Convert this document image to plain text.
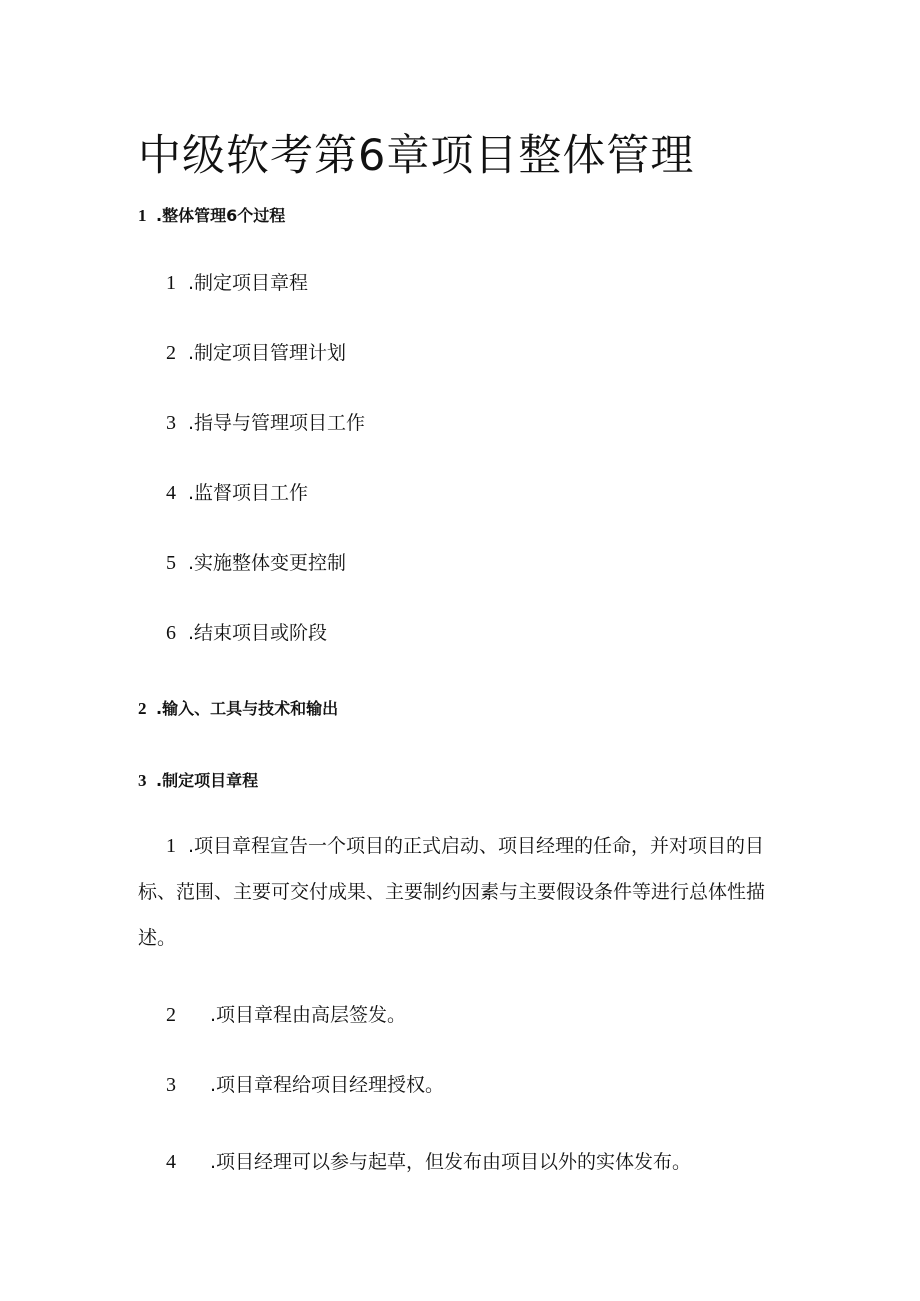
中级软考第6章项目整体管理
1 .整体管理6个过程
1 .制定项目章程
2 .制定项目管理计划
3 .指导与管理项目工作
4 .监督项目工作
5 .实施整体变更控制
6 .结束项目或阶段
2 .输入、工具与技术和输出
3 .制定项目章程

1 .项目章程宣告一个项目的正式启动、项目经理的任命，并对项目的目标、范围、主要可交付成果、主要制约因素与主要假设条件等进行总体性描述。

2 .项目章程由高层签发。
3 .项目章程给项目经理授权。
4 .项目经理可以参与起草，但发布由项目以外的实体发布。
